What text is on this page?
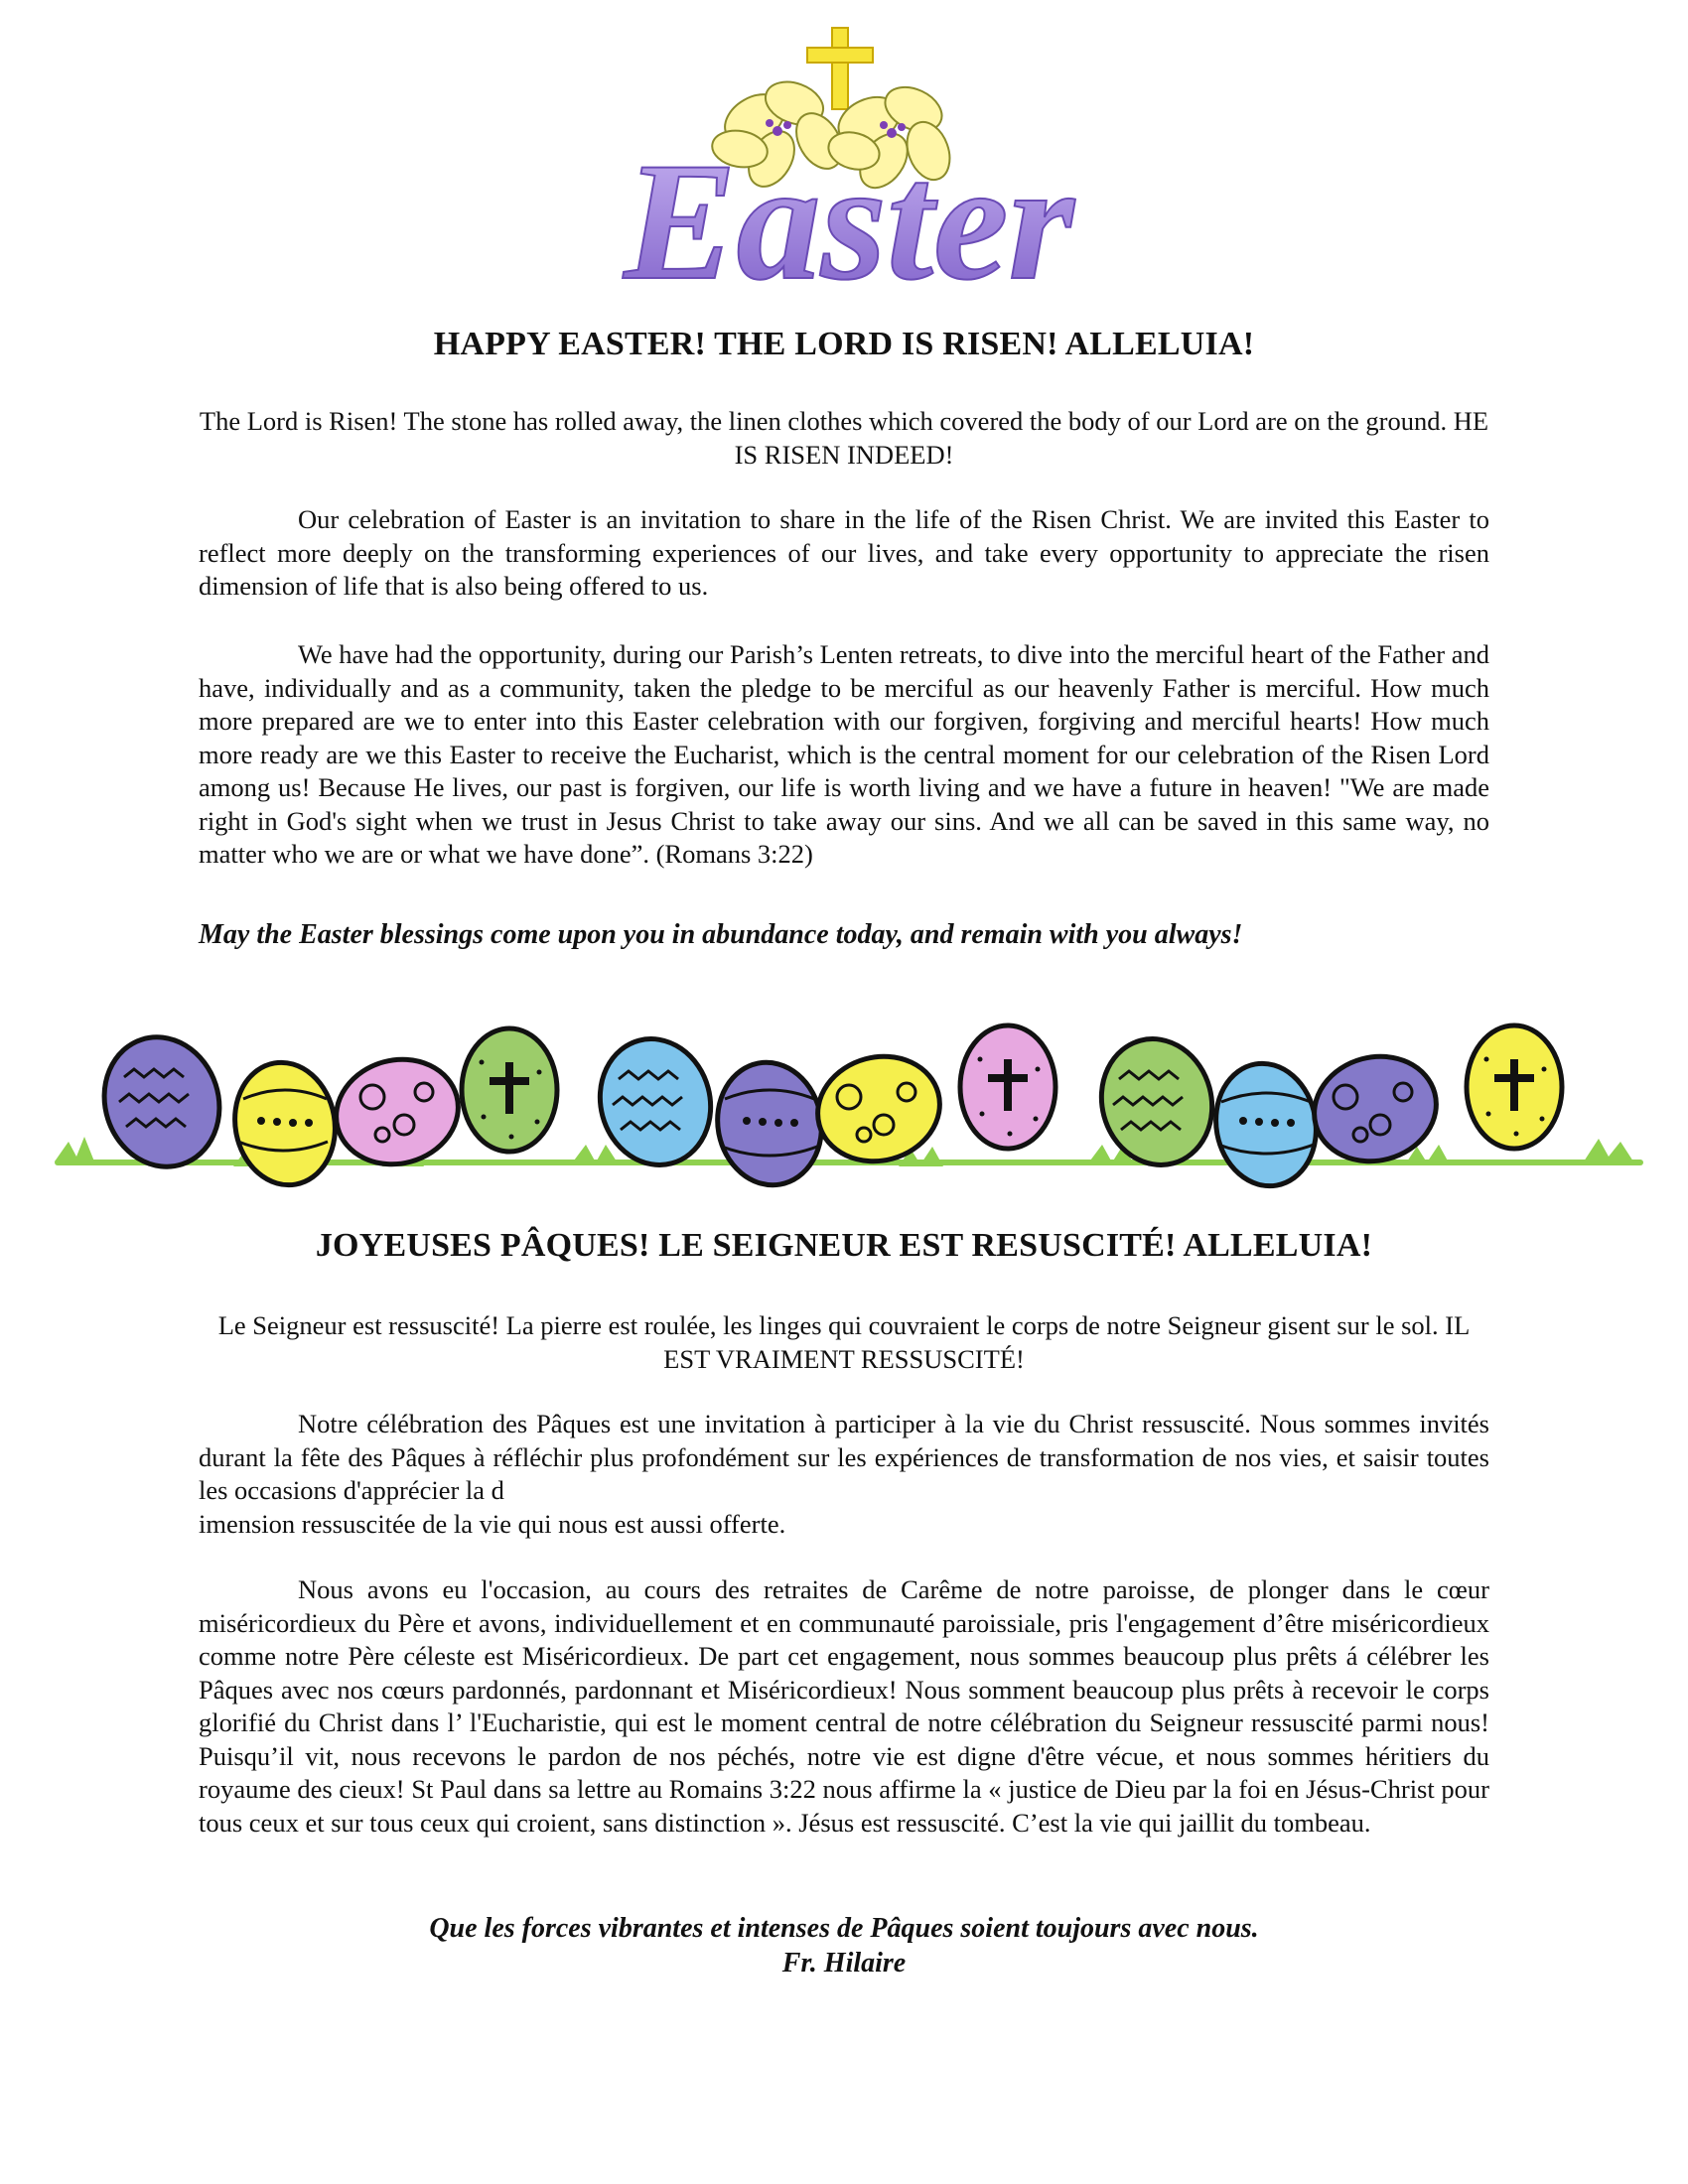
Easter
HAPPY EASTER! THE LORD IS RISEN! ALLELUIA!

The Lord is Risen! The stone has rolled away, the linen clothes which covered the body of our Lord are on the ground. HE IS RISEN INDEED!

Our celebration of Easter is an invitation to share in the life of the Risen Christ. We are invited this Easter to reflect more deeply on the transforming experiences of our lives, and take every opportunity to appreciate the risen dimension of life that is also being offered to us.

We have had the opportunity, during our Parish’s Lenten retreats, to dive into the merciful heart of the Father and have, individually and as a community, taken the pledge to be merciful as our heavenly Father is merciful. How much more prepared are we to enter into this Easter celebration with our forgiven, forgiving and merciful hearts! How much more ready are we this Easter to receive the Eucharist, which is the central moment for our celebration of the Risen Lord among us! Because He lives, our past is forgiven, our life is worth living and we have a future in heaven! "We are made right in God's sight when we trust in Jesus Christ to take away our sins. And we all can be saved in this same way, no matter who we are or what we have done”. (Romans 3:22)

May the Easter blessings come upon you in abundance today, and remain with you always!

JOYEUSES PÂQUES! LE SEIGNEUR EST RESUSCITÉ! ALLELUIA!

Le Seigneur est ressuscité! La pierre est roulée, les linges qui couvraient le corps de notre Seigneur gisent sur le sol. IL EST VRAIMENT RESSUSCITÉ!

Notre célébration des Pâques est une invitation à participer à la vie du Christ ressuscité. Nous sommes invités durant la fête des Pâques à réfléchir plus profondément sur les expériences de transformation de nos vies, et saisir toutes les occasions d'apprécier la d
imension ressuscitée de la vie qui nous est aussi offerte.

Nous avons eu l'occasion, au cours des retraites de Carême de notre paroisse, de plonger dans le cœur miséricordieux du Père et avons, individuellement et en communauté paroissiale, pris l'engagement d’être miséricordieux comme notre Père céleste est Miséricordieux. De part cet engagement, nous sommes beaucoup plus prêts á célébrer les Pâques avec nos cœurs pardonnés, pardonnant et Miséricordieux! Nous somment beaucoup plus prêts à recevoir le corps glorifié du Christ dans l’ l'Eucharistie, qui est le moment central de notre célébration du Seigneur ressuscité parmi nous! Puisqu’il vit, nous recevons le pardon de nos péchés, notre vie est digne d'être vécue, et nous sommes héritiers du royaume des cieux! St Paul dans sa lettre au Romains 3:22 nous affirme la « justice de Dieu par la foi en Jésus-Christ pour tous ceux et sur tous ceux qui croient, sans distinction ». Jésus est ressuscité. C’est la vie qui jaillit du tombeau.

Que les forces vibrantes et intenses de Pâques soient toujours avec nous.

Fr. Hilaire
